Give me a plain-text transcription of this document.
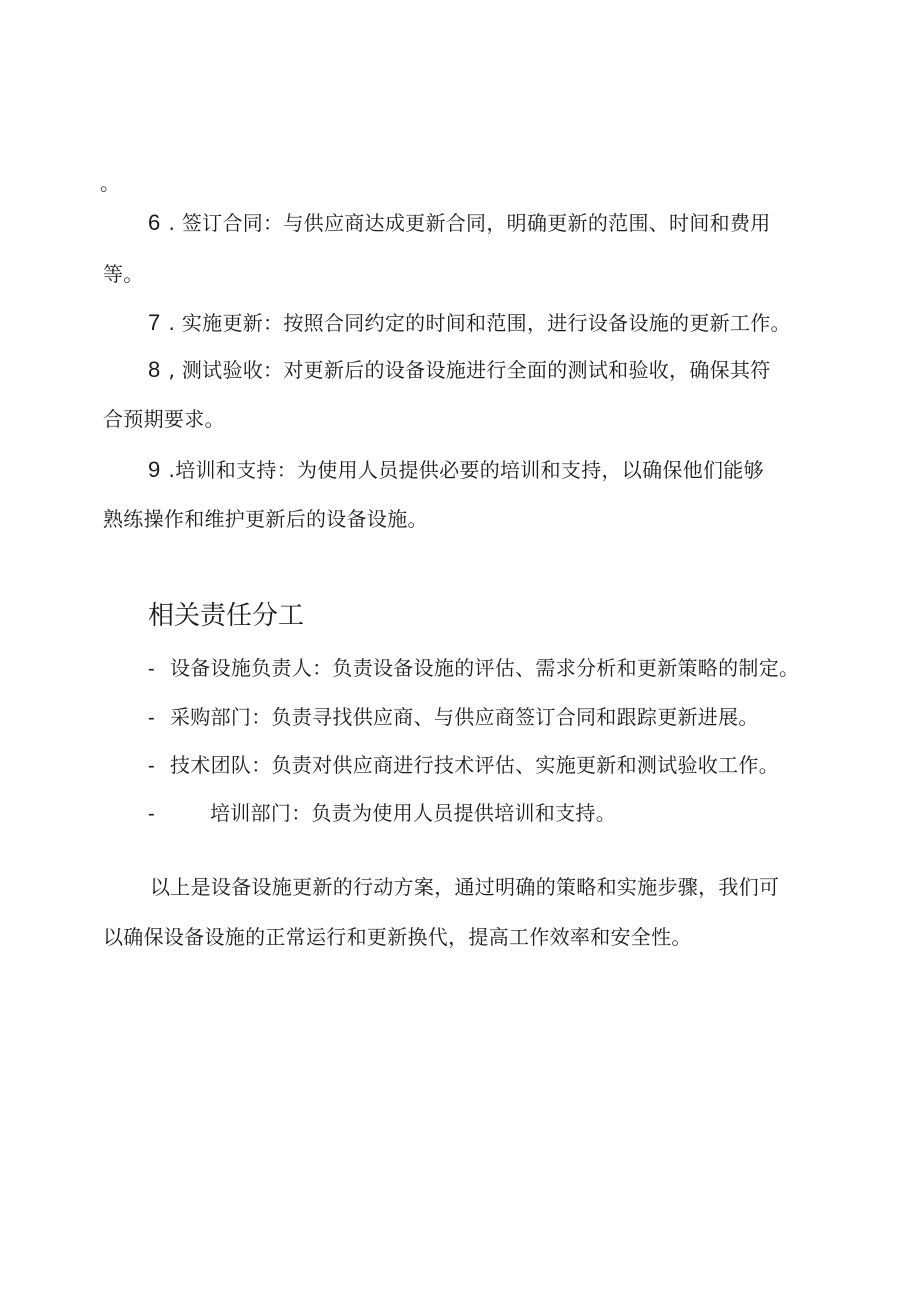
。
6 . 签订合同：与供应商达成更新合同，明确更新的范围、时间和费用
等。
7 . 实施更新：按照合同约定的时间和范围，进行设备设施的更新工作。
8 , 测试验收：对更新后的设备设施进行全面的测试和验收，确保其符
合预期要求。
9 .培训和支持：为使用人员提供必要的培训和支持，以确保他们能够
熟练操作和维护更新后的设备设施。
相关责任分工
- 设备设施负责人：负责设备设施的评估、需求分析和更新策略的制定。
- 采购部门：负责寻找供应商、与供应商签订合同和跟踪更新进展。
- 技术团队：负责对供应商进行技术评估、实施更新和测试验收工作。
-	培训部门：负责为使用人员提供培训和支持。
以上是设备设施更新的行动方案，通过明确的策略和实施步骤，我们可
以确保设备设施的正常运行和更新换代，提高工作效率和安全性。
